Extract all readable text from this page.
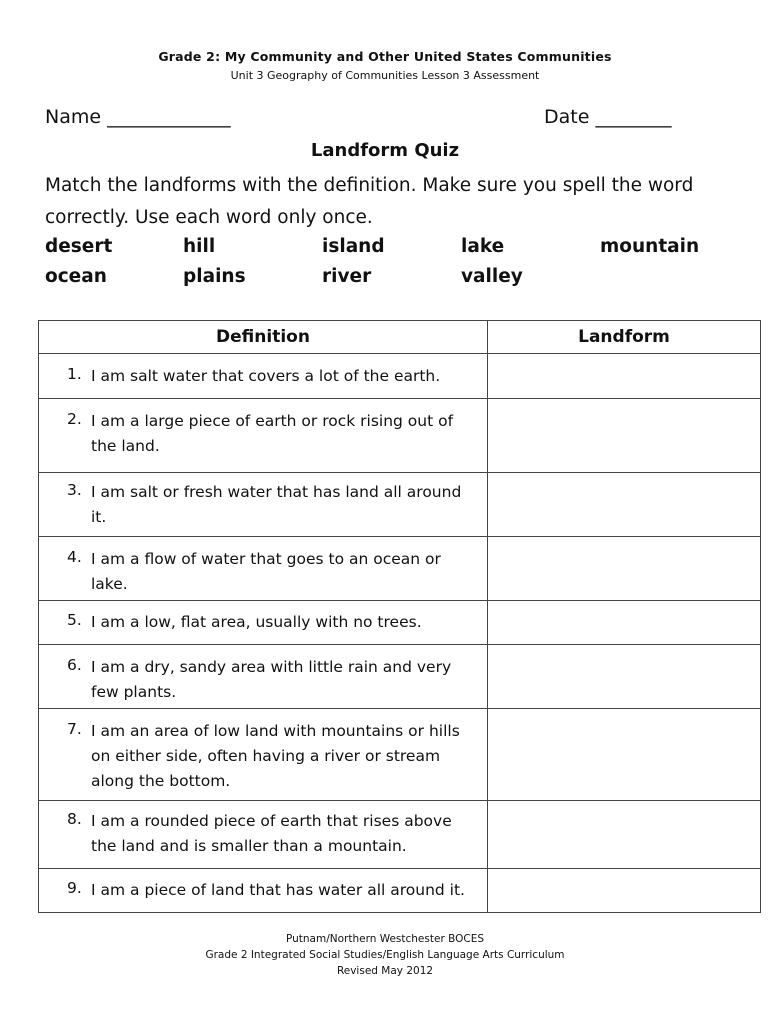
Grade 2: My Community and Other United States Communities
Unit 3 Geography of Communities Lesson 3 Assessment
Name _____________	Date ________
Landform Quiz
Match the landforms with the definition. Make sure you spell the word correctly. Use each word only once.
desert	hill	island	lake	mountain
ocean	plains	river	valley
Definition	Landform

1. I am salt water that covers a lot of the earth.	

2. I am a large piece of earth or rock rising out of the land.	

3. I am salt or fresh water that has land all around it.	

4. I am a flow of water that goes to an ocean or lake.	

5. I am a low, flat area, usually with no trees.	

6. I am a dry, sandy area with little rain and very few plants.	

7. I am an area of low land with mountains or hills on either side, often having a river or stream along the bottom.	

8. I am a rounded piece of earth that rises above the land and is smaller than a mountain.	

9. I am a piece of land that has water all around it.	

Putnam/Northern Westchester BOCES
Grade 2 Integrated Social Studies/English Language Arts Curriculum
Revised May 2012
